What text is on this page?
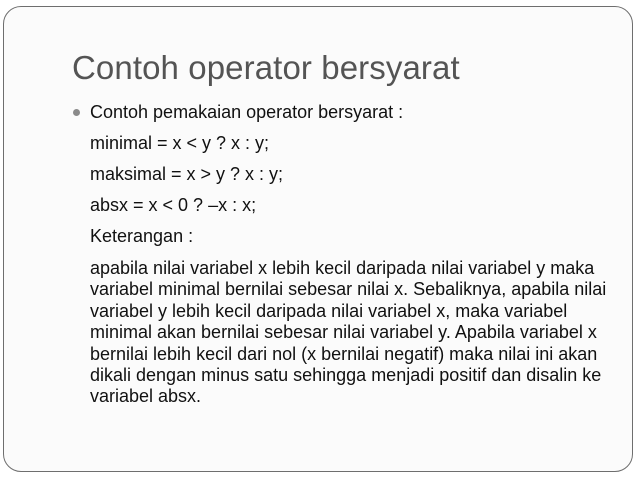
Contoh operator bersyarat
Contoh pemakaian operator bersyarat :
minimal = x < y ? x : y;
maksimal = x > y ? x : y;
absx = x < 0 ? –x : x;
Keterangan :
apabila nilai variabel x lebih kecil daripada nilai variabel y maka variabel minimal bernilai sebesar nilai x. Sebaliknya, apabila nilai variabel y lebih kecil daripada nilai variabel x, maka variabel minimal akan bernilai sebesar nilai variabel y. Apabila variabel x bernilai lebih kecil dari nol (x bernilai negatif) maka nilai ini akan dikali dengan minus satu sehingga menjadi positif dan disalin ke variabel absx.
